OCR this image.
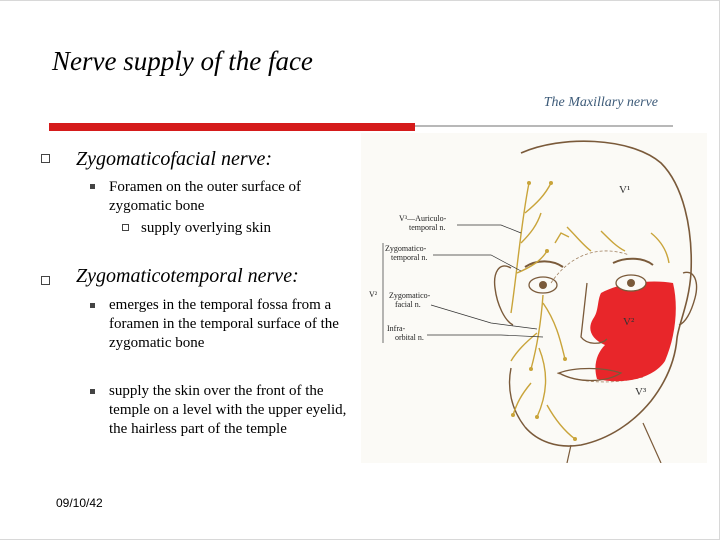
Nerve supply of the face
The Maxillary nerve
Zygomaticofacial nerve:
Foramen on the outer surface of zygomatic bone
supply overlying skin
Zygomaticotemporal nerve:
emerges in the temporal fossa from a foramen in the temporal surface of the zygomatic bone
supply the skin over the front of the temple on a level with the upper eyelid, the hairless part of the temple
09/10/42
V³—Auriculo-
temporal n.
Zygomatico-
temporal n.
V² Zygomatico-
facial n.
Infra-
orbital n.
V¹
V²
V³
